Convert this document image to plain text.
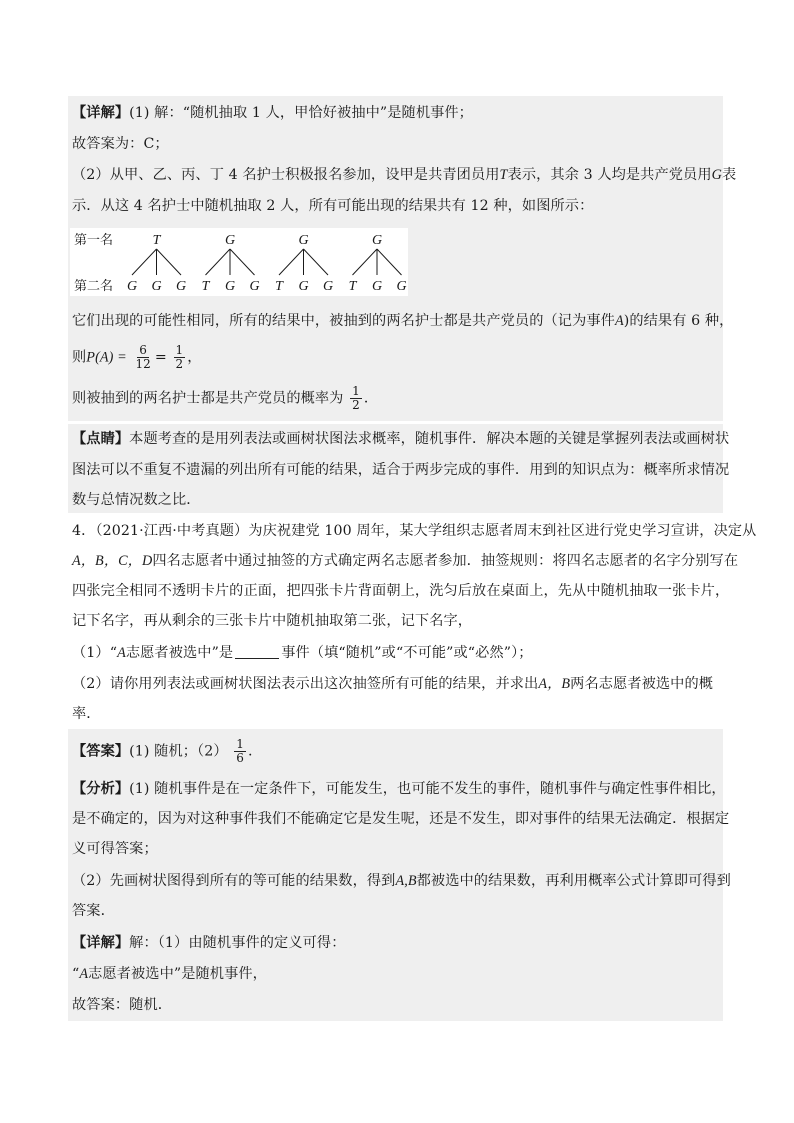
【详解】(1) 解：“随机抽取 1 人，甲恰好被抽中”是随机事件；
故答案为：C；
（2）从甲、乙、丙、丁 4 名护士积极报名参加，设甲是共青团员用T表示，其余 3 人均是共产党员用G表
示．从这 4 名护士中随机抽取 2 人，所有可能出现的结果共有 12 种，如图所示：
第一名
第二名
T	G	G	G
G G G T G G T G G T G G
它们出现的可能性相同，所有的结果中，被抽到的两名护士都是共产党员的（记为事件A)的结果有 6 种，
则$P(A) = \frac{6}{12} = \frac{1}{2}$ ，
则被抽到的两名护士都是共产党员的概率为 $\frac{1}{2}$ ．
【点睛】本题考查的是用列表法或画树状图法求概率，随机事件．解决本题的关键是掌握列表法或画树状
图法可以不重复不遗漏的列出所有可能的结果，适合于两步完成的事件．用到的知识点为：概率所求情况
数与总情况数之比．
4．（2021·江西·中考真题）为庆祝建党 100 周年，某大学组织志愿者周末到社区进行党史学习宣讲，决定从
A，B，C，D四名志愿者中通过抽签的方式确定两名志愿者参加．抽签规则：将四名志愿者的名字分别写在
四张完全相同不透明卡片的正面，把四张卡片背面朝上，洗匀后放在桌面上，先从中随机抽取一张卡片，
记下名字，再从剩余的三张卡片中随机抽取第二张，记下名字，
（1）“A志愿者被选中”是	事件（填“随机”或“不可能”或“必然”）；
（2）请你用列表法或画树状图法表示出这次抽签所有可能的结果，并求出A，B两名志愿者被选中的概
率．
【答案】(1) 随机；$(2) \frac{1}{6}$ .
【分析】(1) 随机事件是在一定条件下，可能发生，也可能不发生的事件，随机事件与确定性事件相比，
是不确定的，因为对这种事件我们不能确定它是发生呢，还是不发生，即对事件的结果无法确定．根据定
义可得答案；
（2）先画树状图得到所有的等可能的结果数，得到A,B都被选中的结果数，再利用概率公式计算即可得到
答案．
【详解】解：（1）由随机事件的定义可得：
“A志愿者被选中”是随机事件，
故答案：随机．
